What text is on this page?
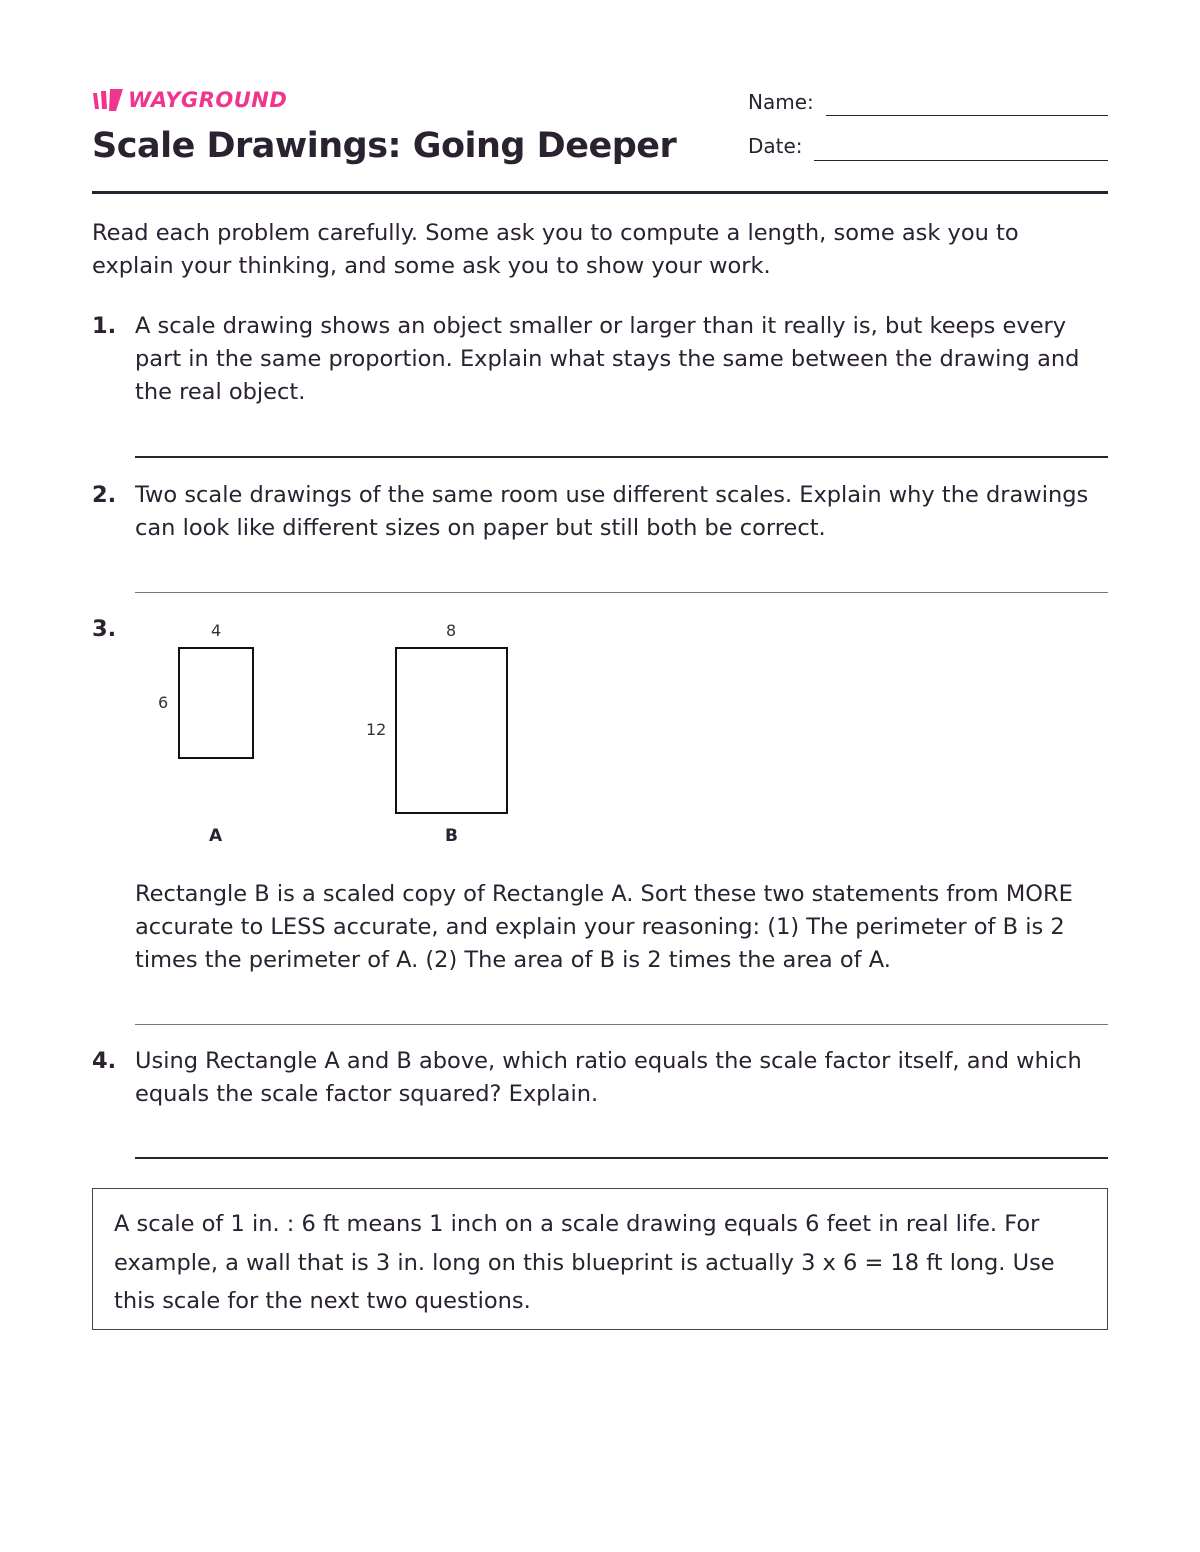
WAYGROUND
Scale Drawings: Going Deeper
Name:
Date:

Read each problem carefully. Some ask you to compute a length, some ask you to explain your thinking, and some ask you to show your work.

1. A scale drawing shows an object smaller or larger than it really is, but keeps every part in the same proportion. Explain what stays the same between the drawing and the real object.

2. Two scale drawings of the same room use different scales. Explain why the drawings can look like different sizes on paper but still both be correct.

3.	4
6
A
8
12
B

Rectangle B is a scaled copy of Rectangle A. Sort these two statements from MORE accurate to LESS accurate, and explain your reasoning: (1) The perimeter of B is 2 times the perimeter of A. (2) The area of B is 2 times the area of A.

4. Using Rectangle A and B above, which ratio equals the scale factor itself, and which equals the scale factor squared? Explain.

A scale of 1 in. : 6 ft means 1 inch on a scale drawing equals 6 feet in real life. For example, a wall that is 3 in. long on this blueprint is actually 3 x 6 = 18 ft long. Use this scale for the next two questions.
